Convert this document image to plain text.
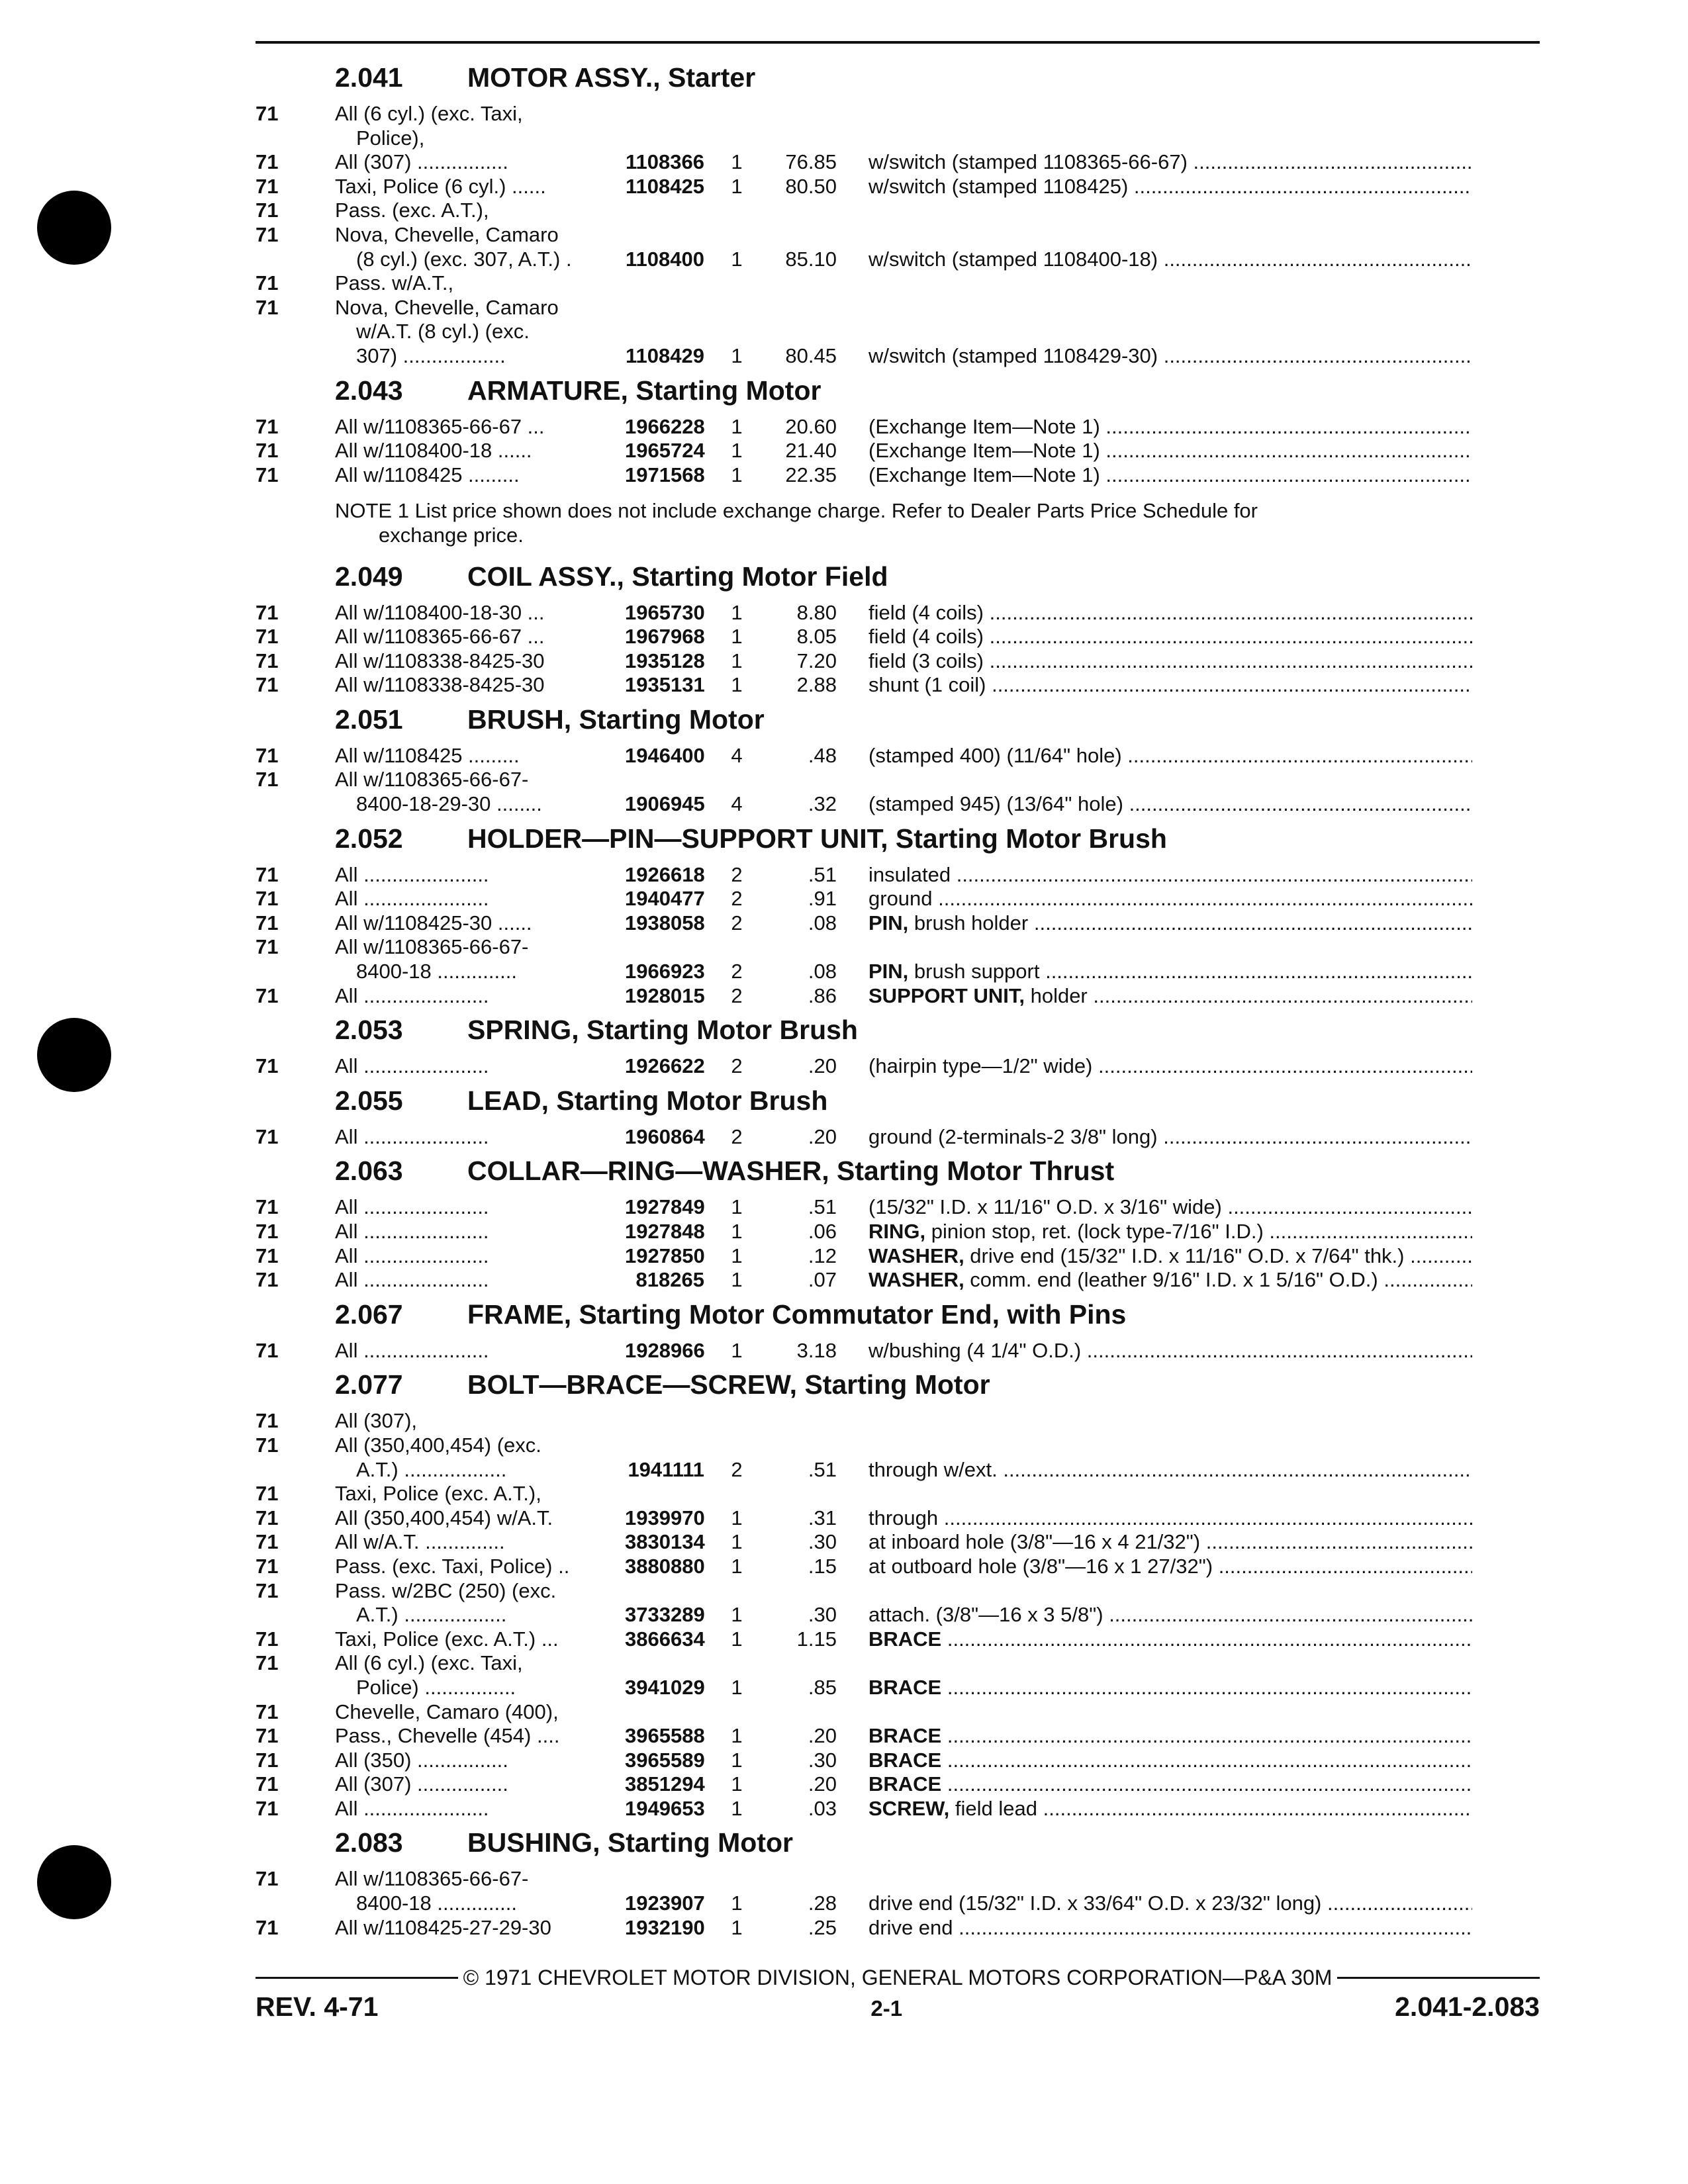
2.041	MOTOR ASSY., Starter
71	All (6 cyl.) (exc. Taxi,
Police),
71	All (307) ................	1108366	1	76.85	w/switch (stamped 1108365-66-67) .....
71	Taxi, Police (6 cyl.) ......	1108425	1	80.50	w/switch (stamped 1108425) .....
71	Pass. (exc. A.T.),
71	Nova, Chevelle, Camaro
(8 cyl.) (exc. 307, A.T.) .	1108400	1	85.10	w/switch (stamped 1108400-18) .....
71	Pass. w/A.T.,
71	Nova, Chevelle, Camaro
w/A.T. (8 cyl.) (exc.
307) ..................	1108429	1	80.45	w/switch (stamped 1108429-30) .....
2.043	ARMATURE, Starting Motor
71	All w/1108365-66-67 ...	1966228	1	20.60	(Exchange Item—Note 1) .....
71	All w/1108400-18 ......	1965724	1	21.40	(Exchange Item—Note 1) .....
71	All w/1108425 .........	1971568	1	22.35	(Exchange Item—Note 1) .....
NOTE 1 List price shown does not include exchange charge. Refer to Dealer Parts Price Schedule for
exchange price.
2.049	COIL ASSY., Starting Motor Field
71	All w/1108400-18-30 ...	1965730	1	8.80	field (4 coils) .....
71	All w/1108365-66-67 ...	1967968	1	8.05	field (4 coils) .....
71	All w/1108338-8425-30	1935128	1	7.20	field (3 coils) .....
71	All w/1108338-8425-30	1935131	1	2.88	shunt (1 coil) .....
2.051	BRUSH, Starting Motor
71	All w/1108425 .........	1946400	4	.48	(stamped 400) (11/64" hole) .....
71	All w/1108365-66-67-
8400-18-29-30 ........	1906945	4	.32	(stamped 945) (13/64" hole) .....
2.052	HOLDER—PIN—SUPPORT UNIT, Starting Motor Brush
71	All ......................	1926618	2	.51	insulated .....
71	All ......................	1940477	2	.91	ground .....
71	All w/1108425-30 ......	1938058	2	.08	PIN, brush holder .....
71	All w/1108365-66-67-
8400-18 ..............	1966923	2	.08	PIN, brush support .....
71	All ......................	1928015	2	.86	SUPPORT UNIT, holder .....
2.053	SPRING, Starting Motor Brush
71	All ......................	1926622	2	.20	(hairpin type—1/2" wide) .....
2.055	LEAD, Starting Motor Brush
71	All ......................	1960864	2	.20	ground (2-terminals-2 3/8" long) .....
2.063	COLLAR—RING—WASHER, Starting Motor Thrust
71	All ......................	1927849	1	.51	(15/32" I.D. x 11/16" O.D. x 3/16" wide) .....
71	All ......................	1927848	1	.06	RING, pinion stop, ret. (lock type-7/16" I.D.) .....
71	All ......................	1927850	1	.12	WASHER, drive end (15/32" I.D. x 11/16" O.D. x 7/64" thk.) .....
71	All ......................	818265	1	.07	WASHER, comm. end (leather 9/16" I.D. x 1 5/16" O.D.) .....
2.067	FRAME, Starting Motor Commutator End, with Pins
71	All ......................	1928966	1	3.18	w/bushing (4 1/4" O.D.) .....
2.077	BOLT—BRACE—SCREW, Starting Motor
71	All (307),
71	All (350,400,454) (exc.
A.T.) ..................	1941111	2	.51	through w/ext. .....
71	Taxi, Police (exc. A.T.),
71	All (350,400,454) w/A.T.	1939970	1	.31	through .....
71	All w/A.T. ..............	3830134	1	.30	at inboard hole (3/8"—16 x 4 21/32") .....
71	Pass. (exc. Taxi, Police) ..	3880880	1	.15	at outboard hole (3/8"—16 x 1 27/32") .....
71	Pass. w/2BC (250) (exc.
A.T.) ..................	3733289	1	.30	attach. (3/8"—16 x 3 5/8") .....
71	Taxi, Police (exc. A.T.) ...	3866634	1	1.15	BRACE .....
71	All (6 cyl.) (exc. Taxi,
Police) ................	3941029	1	.85	BRACE .....
71	Chevelle, Camaro (400),
71	Pass., Chevelle (454) ....	3965588	1	.20	BRACE .....
71	All (350) ................	3965589	1	.30	BRACE .....
71	All (307) ................	3851294	1	.20	BRACE .....
71	All ......................	1949653	1	.03	SCREW, field lead .....
2.083	BUSHING, Starting Motor
71	All w/1108365-66-67-
8400-18 ..............	1923907	1	.28	drive end (15/32" I.D. x 33/64" O.D. x 23/32" long) .....
71	All w/1108425-27-29-30	1932190	1	.25	drive end .....
© 1971 CHEVROLET MOTOR DIVISION, GENERAL MOTORS CORPORATION—P&A 30M
REV. 4-71	2-1	2.041-2.083
